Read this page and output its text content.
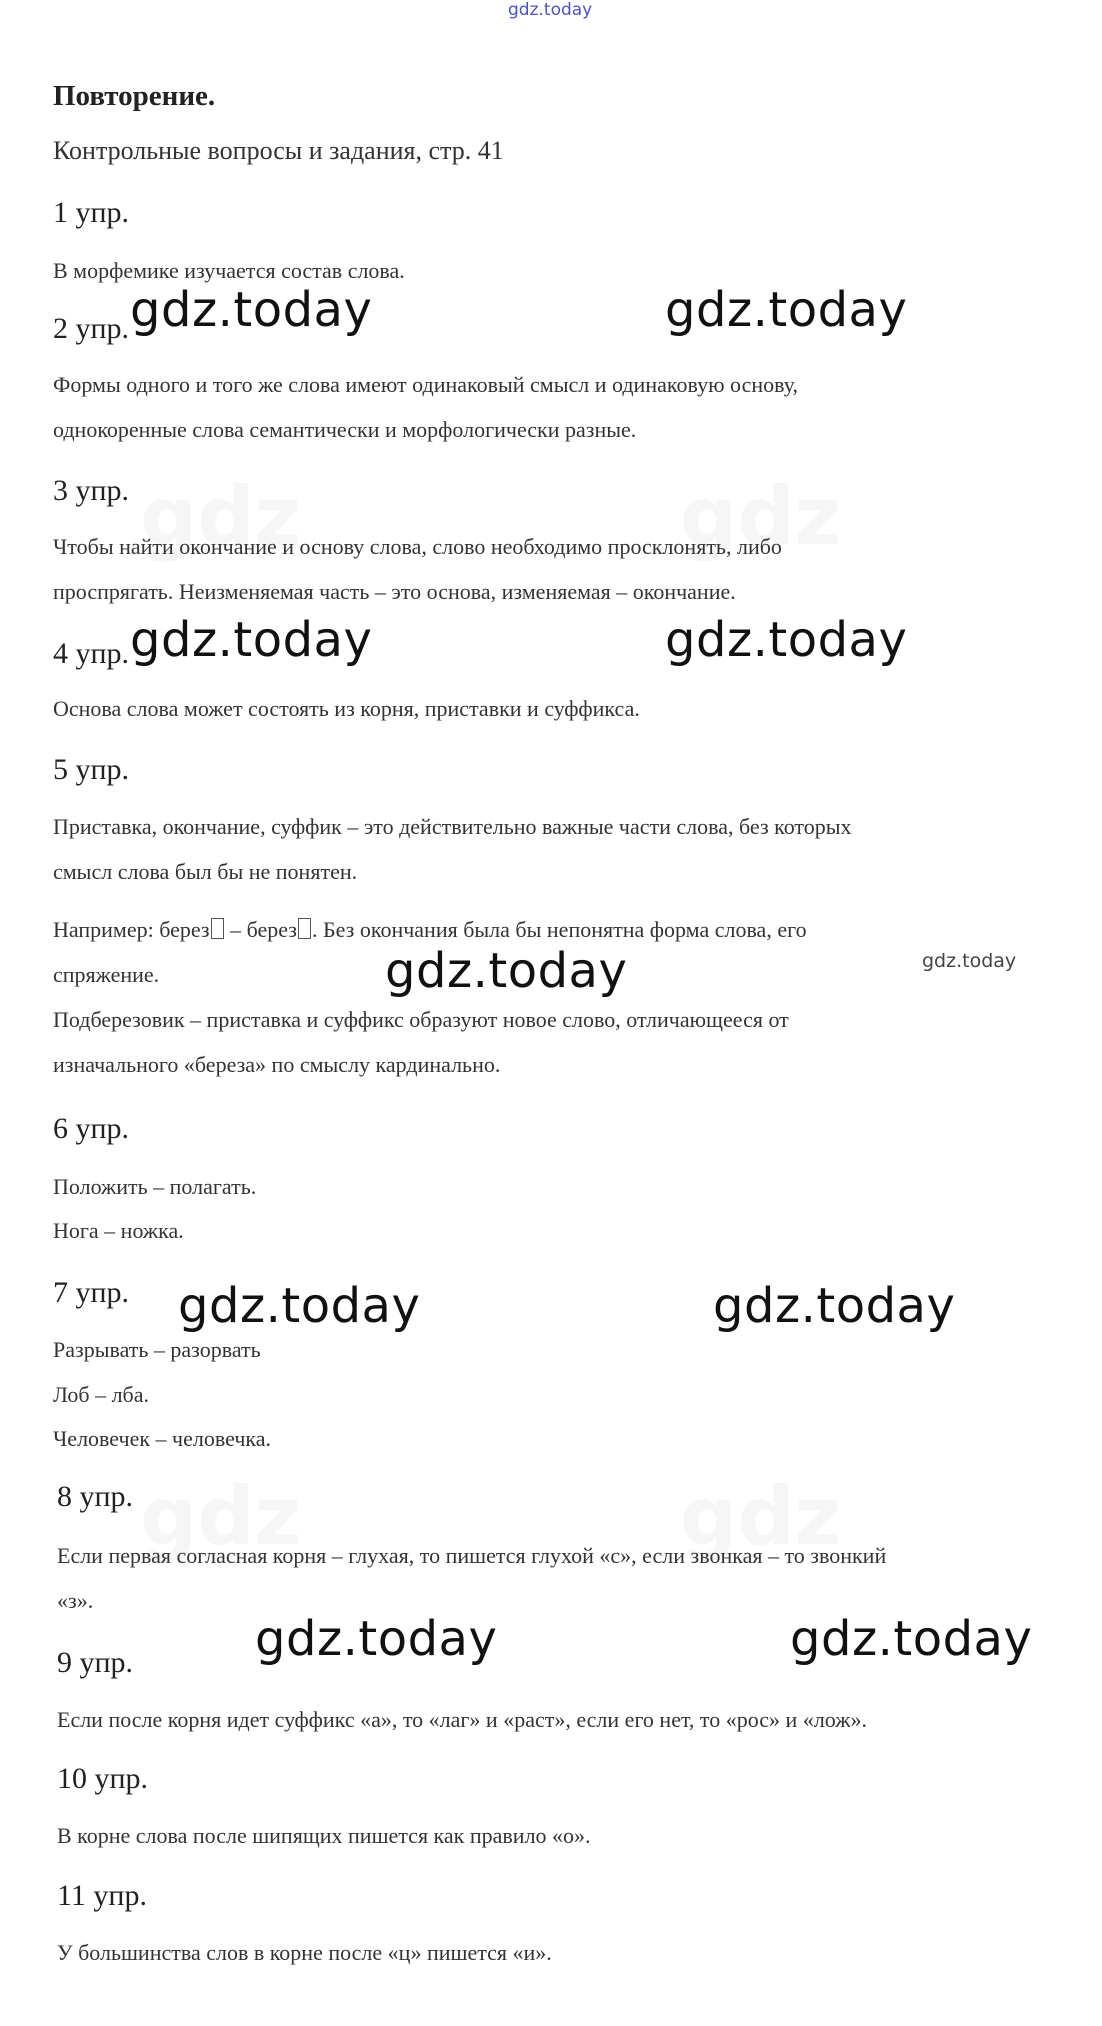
gdz	gdz
gdz	gdz
gdz.today
Повторение.
Контрольные вопросы и задания, стр. 41
1 упр.
В морфемике изучается состав слова.
2 упр.
Формы одного и того же слова имеют одинаковый смысл и одинаковую основу,
однокоренные слова семантически и морфологически разные.
3 упр.
Чтобы найти окончание и основу слова, слово необходимо просклонять, либо
проспрягать. Неизменяемая часть – это основа, изменяемая – окончание.
4 упр.
Основа слова может состоять из корня, приставки и суффикса.
5 упр.
Приставка, окончание, суффик – это действительно важные части слова, без которых
смысл слова был бы не понятен.
Например: берез – берез . Без окончания была бы непонятна форма слова, его
спряжение.
Подберезовик – приставка и суффикс образуют новое слово, отличающееся от
изначального «береза» по смыслу кардинально.
6 упр.
Положить – полагать.
Нога – ножка.
7 упр.
Разрывать – разорвать
Лоб – лба.
Человечек – человечка.
8 упр.
Если первая согласная корня – глухая, то пишется глухой «с», если звонкая – то звонкий
«з».
9 упр.
Если после корня идет суффикс «а», то «лаг» и «раст», если его нет, то «рос» и «лож».
10 упр.
В корне слова после шипящих пишется как правило «о».
11 упр.
У большинства слов в корне после «ц» пишется «и».
gdz.today	gdz.today
gdz.today	gdz.today
gdz.today	gdz.today
gdz.today	gdz.today
gdz.today	gdz.today
